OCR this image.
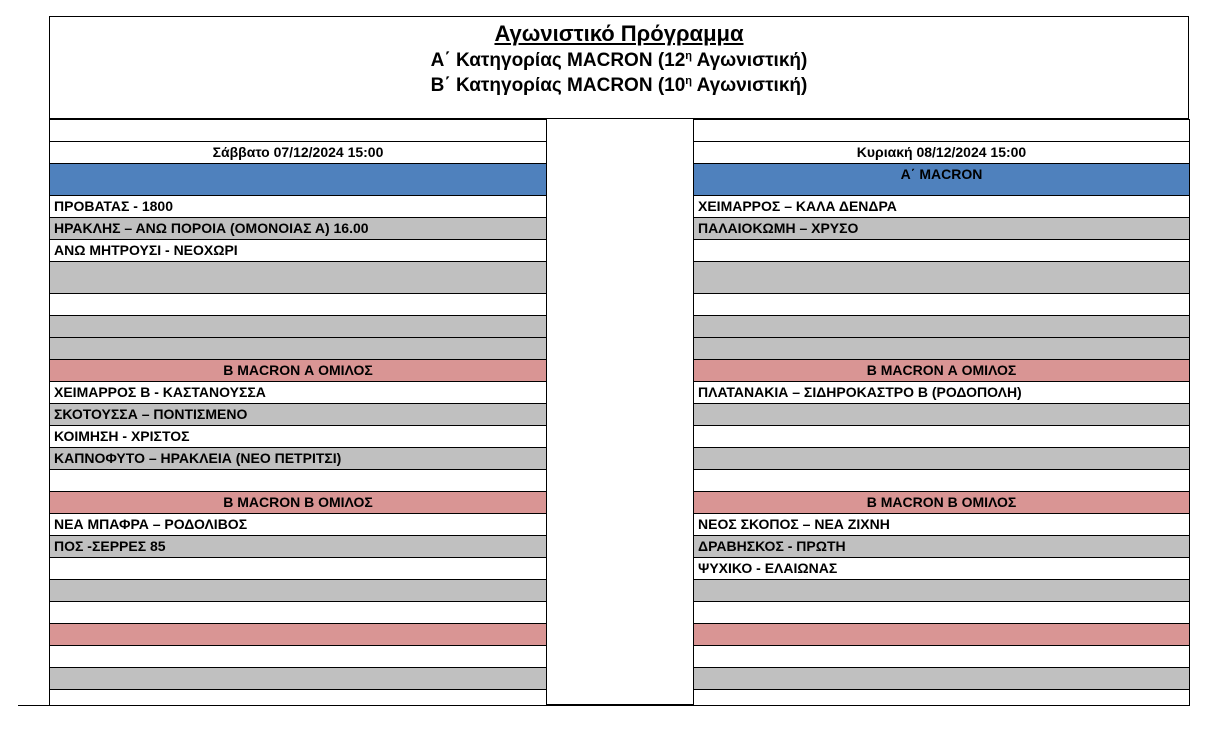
Αγωνιστικό Πρόγραμμα
Α΄ Κατηγορίας MACRON ($12^\eta$ Αγωνιστική)
Β΄ Κατηγορίας MACRON ($10^\eta$ Αγωνιστική)
Σάββατο 07/12/2024 15:00
ΠΡΟΒΑΤΑΣ - 1800
ΗΡΑΚΛΗΣ – ΑΝΩ ΠΟΡΟΙΑ (ΟΜΟΝΟΙΑΣ Α) 16.00
ΑΝΩ ΜΗΤΡΟΥΣΙ - ΝΕΟΧΩΡΙ
Β MACRON Α ΟΜΙΛΟΣ
ΧΕΙΜΑΡΡΟΣ Β - ΚΑΣΤΑΝΟΥΣΣΑ
ΣΚΟΤΟΥΣΣΑ – ΠΟΝΤΙΣΜΕΝΟ
ΚΟΙΜΗΣΗ - ΧΡΙΣΤΟΣ
ΚΑΠΝΟΦΥΤΟ – ΗΡΑΚΛΕΙΑ (ΝΕΟ ΠΕΤΡΙΤΣΙ)
Β MACRON Β ΟΜΙΛΟΣ
ΝΕΑ ΜΠΑΦΡΑ – ΡΟΔΟΛΙΒΟΣ
ΠΟΣ -ΣΕΡΡΕΣ 85
Κυριακή 08/12/2024 15:00
Α΄ MACRON
ΧΕΙΜΑΡΡΟΣ – ΚΑΛΑ ΔΕΝΔΡΑ
ΠΑΛΑΙΟΚΩΜΗ – ΧΡΥΣΟ
Β MACRON Α ΟΜΙΛΟΣ
ΠΛΑΤΑΝΑΚΙΑ – ΣΙΔΗΡΟΚΑΣΤΡΟ Β (ΡΟΔΟΠΟΛΗ)
Β MACRON Β ΟΜΙΛΟΣ
ΝΕΟΣ ΣΚΟΠΟΣ – ΝΕΑ ΖΙΧΝΗ
ΔΡΑΒΗΣΚΟΣ - ΠΡΩΤΗ
ΨΥΧΙΚΟ - ΕΛΑΙΩΝΑΣ
